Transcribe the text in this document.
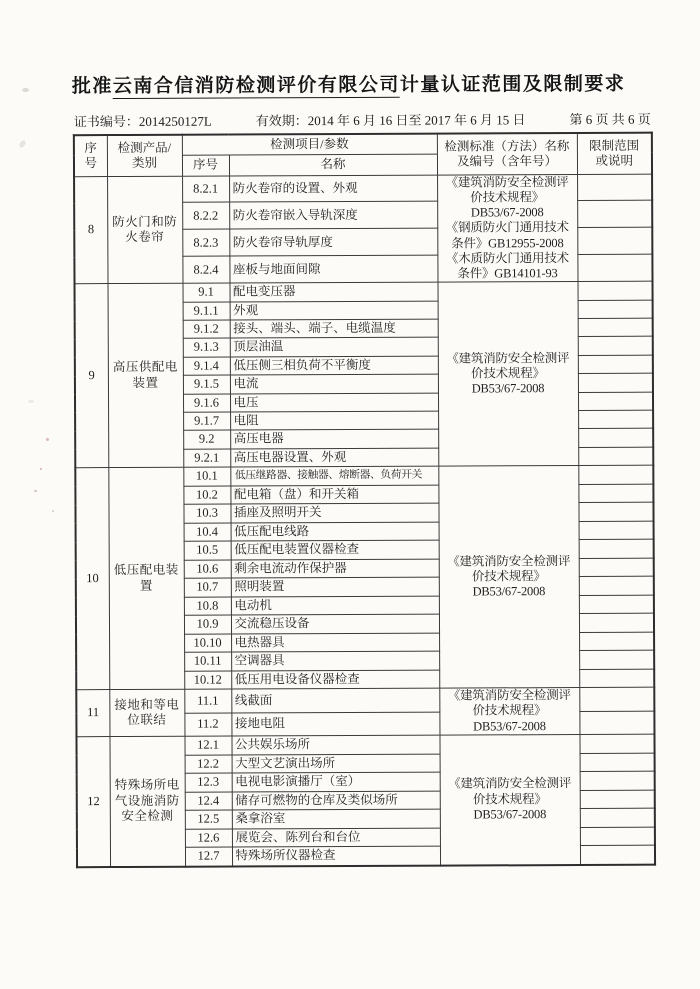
批准云南合信消防检测评价有限公司计量认证范围及限制要求
证书编号：2014250127L	有效期：2014 年 6 月 16 日至 2017 年 6 月 15 日	第 6 页 共 6 页
序
号	检测产品/
类别	检测项目/参数		检测标准（方法）名称
及编号（含年号）	限制范围
或说明
		序号	名称		
8	防火门和防
火卷帘	8.2.1	防火卷帘的设置、外观	《建筑消防安全检测评
价技术规程》
DB53/67-2008
《钢质防火门通用技术
条件》GB12955-2008
《木质防火门通用技术
条件》GB14101-93	
		8.2.2	防火卷帘嵌入导轨深度		
		8.2.3	防火卷帘导轨厚度		
		8.2.4	座板与地面间隙		
9	高压供配电
装置	9.1	配电变压器	《建筑消防安全检测评
价技术规程》
DB53/67-2008	
		9.1.1	外观		
		9.1.2	接头、端头、端子、电缆温度		
		9.1.3	顶层油温		
		9.1.4	低压侧三相负荷不平衡度		
		9.1.5	电流		
		9.1.6	电压		
		9.1.7	电阻		
		9.2	高压电器		
		9.2.1	高压电器设置、外观		
10	低压配电装
置	10.1	低压继路器、接触器、熔断器、负荷开关	《建筑消防安全检测评
价技术规程》
DB53/67-2008	
		10.2	配电箱（盘）和开关箱		
		10.3	插座及照明开关		
		10.4	低压配电线路		
		10.5	低压配电装置仪器检查		
		10.6	剩余电流动作保护器		
		10.7	照明装置		
		10.8	电动机		
		10.9	交流稳压设备		
		10.10	电热器具		
		10.11	空调器具		
		10.12	低压用电设备仪器检查		
11	接地和等电
位联结	11.1	线截面	《建筑消防安全检测评
价技术规程》
DB53/67-2008	
		11.2	接地电阻		
12	特殊场所电
气设施消防
安全检测	12.1	公共娱乐场所	《建筑消防安全检测评
价技术规程》
DB53/67-2008	
		12.2	大型文艺演出场所		
		12.3	电视电影演播厅（室）		
		12.4	储存可燃物的仓库及类似场所		
		12.5	桑拿浴室		
		12.6	展览会、陈列台和台位		
		12.7	特殊场所仪器检查		
